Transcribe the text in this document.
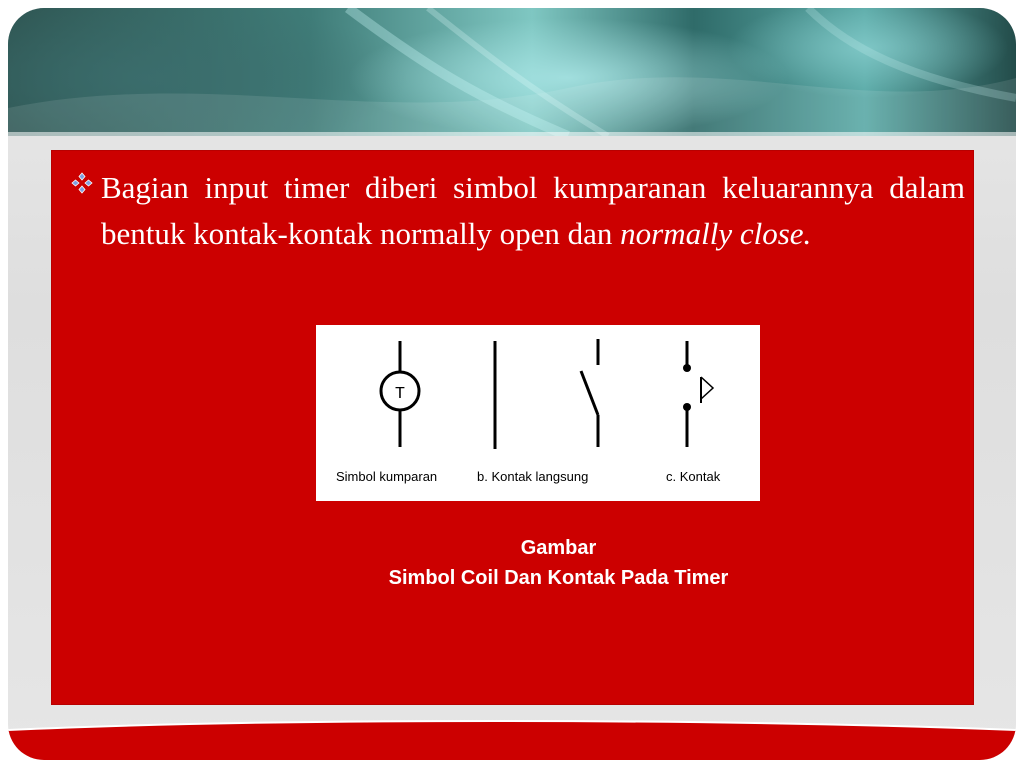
Bagian input timer diberi simbol kumparanan keluarannya dalam bentuk kontak-kontak normally open dan normally close.
T
Simbol kumparan	b. Kontak langsung	c. Kontak
Gambar
Simbol Coil Dan Kontak Pada Timer
